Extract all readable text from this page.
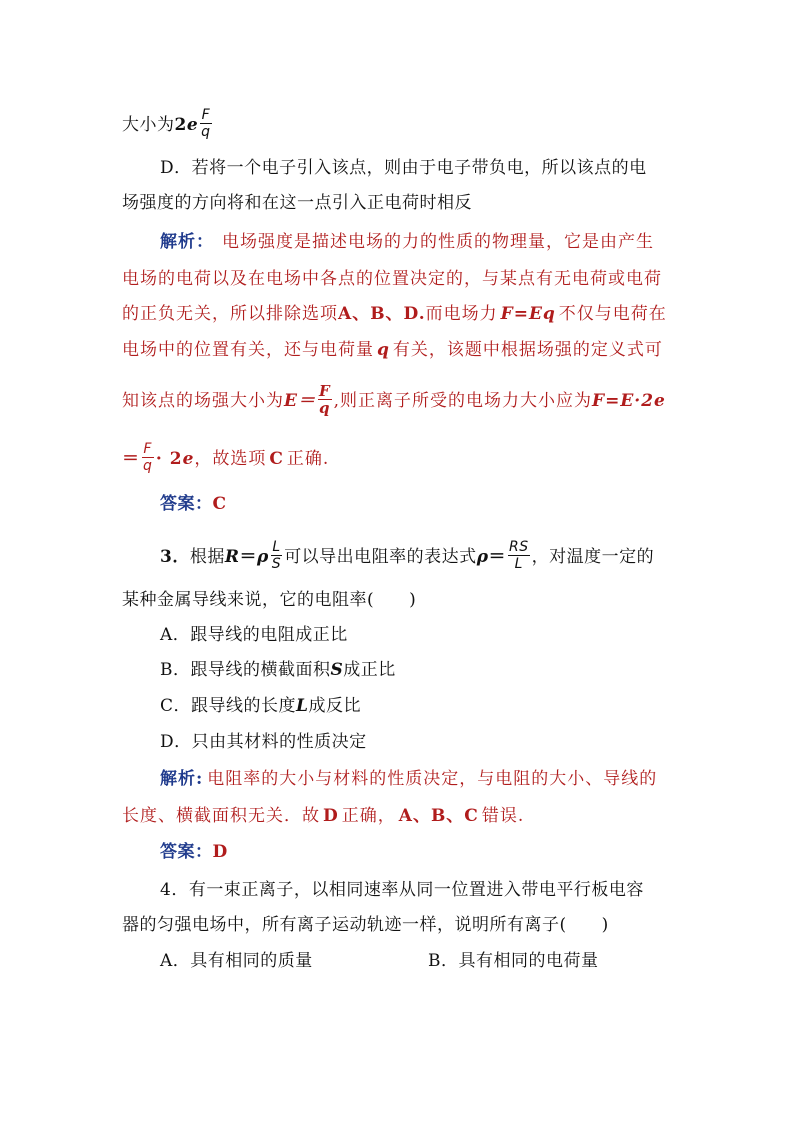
大小为$2e \frac{F}{q}$
D．若将一个电子引入该点，则由于电子带负电，所以该点的电
场强度的方向将和在这一点引入正电荷时相反
解析： 电场强度是描述电场的力的性质的物理量，它是由产生
电场的电荷以及在电场中各点的位置决定的，与某点有无电荷或电荷
的正负无关，所以排除选项A、B、D.而电场力 F=Eq 不仅与电荷在
电场中的位置有关，还与电荷量 q 有关，该题中根据场强的定义式可
知该点的场强大小为$E= \frac{F}{q}$ ,则正离子所受的电场力大小应为F=E·2e
＝ $\frac{F}{q} \cdot 2e$，故选项 C 正确.
答案：C
3．根据$R=\rho \frac{L}{S}$ 可以导出电阻率的表达式$\rho= \frac{RS}{L}$ ，对温度一定的
某种金属导线来说，它的电阻率(　　)
A．跟导线的电阻成正比
B．跟导线的横截面积S成正比
C．跟导线的长度L成反比
D．只由其材料的性质决定
解析: 电阻率的大小与材料的性质决定，与电阻的大小、导线的
长度、横截面积无关．故 D 正确， A、B、C 错误.
答案：D
4．有一束正离子，以相同速率从同一位置进入带电平行板电容
器的匀强电场中，所有离子运动轨迹一样，说明所有离子(　　)
A．具有相同的质量	B．具有相同的电荷量
